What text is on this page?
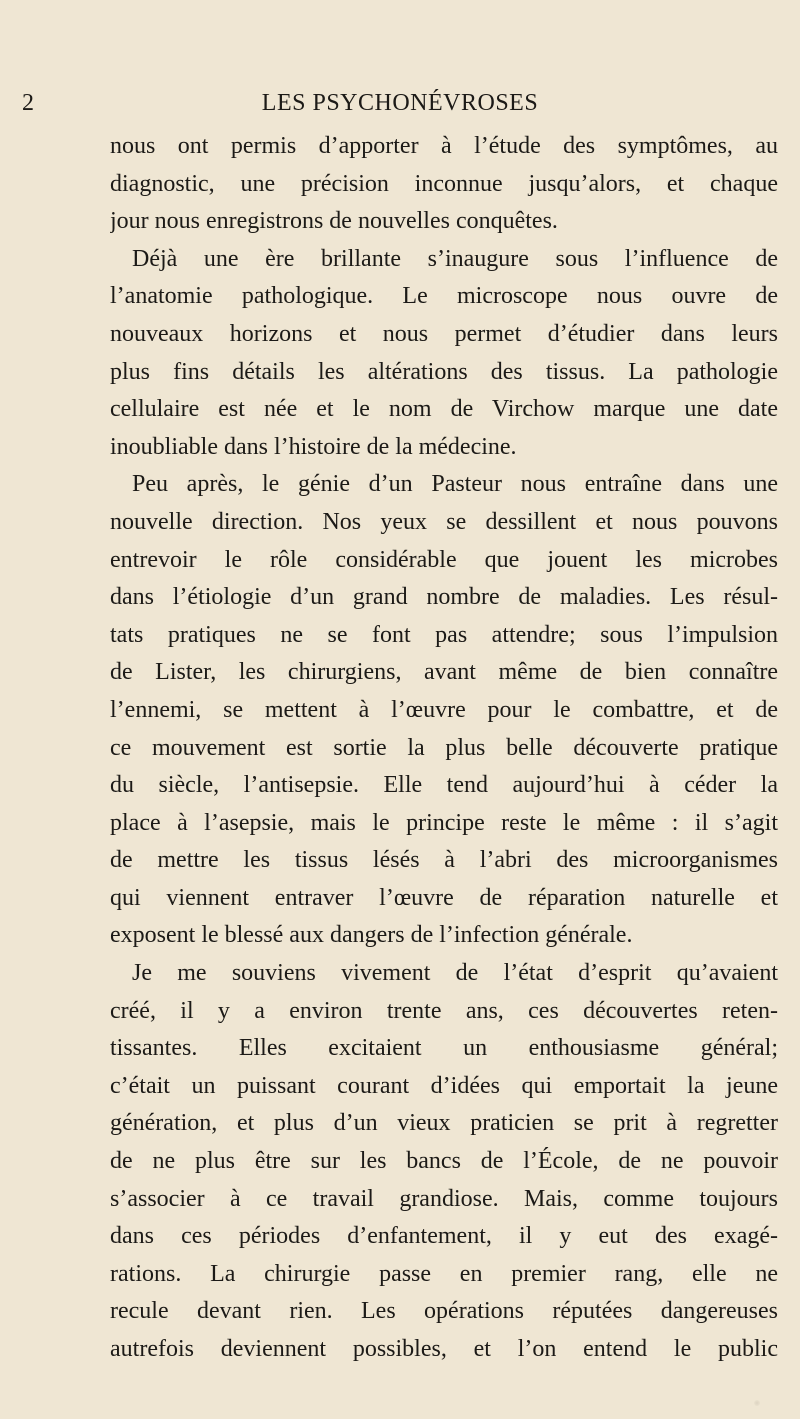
2	LES PSYCHONÉVROSES
nous ont permis d’apporter à l’étude des symptômes, au
diagnostic, une précision inconnue jusqu’alors, et chaque
jour nous enregistrons de nouvelles conquêtes.
Déjà une ère brillante s’inaugure sous l’influence de
l’anatomie pathologique. Le microscope nous ouvre de
nouveaux horizons et nous permet d’étudier dans leurs
plus fins détails les altérations des tissus. La pathologie
cellulaire est née et le nom de Virchow marque une date
inoubliable dans l’histoire de la médecine.
Peu après, le génie d’un Pasteur nous entraîne dans une
nouvelle direction. Nos yeux se dessillent et nous pouvons
entrevoir le rôle considérable que jouent les microbes
dans l’étiologie d’un grand nombre de maladies. Les résul-
tats pratiques ne se font pas attendre; sous l’impulsion
de Lister, les chirurgiens, avant même de bien connaître
l’ennemi, se mettent à l’œuvre pour le combattre, et de
ce mouvement est sortie la plus belle découverte pratique
du siècle, l’antisepsie. Elle tend aujourd’hui à céder la
place à l’asepsie, mais le principe reste le même : il s’agit
de mettre les tissus lésés à l’abri des microorganismes
qui viennent entraver l’œuvre de réparation naturelle et
exposent le blessé aux dangers de l’infection générale.
Je me souviens vivement de l’état d’esprit qu’avaient
créé, il y a environ trente ans, ces découvertes reten-
tissantes. Elles excitaient un enthousiasme général;
c’était un puissant courant d’idées qui emportait la jeune
génération, et plus d’un vieux praticien se prit à regretter
de ne plus être sur les bancs de l’École, de ne pouvoir
s’associer à ce travail grandiose. Mais, comme toujours
dans ces périodes d’enfantement, il y eut des exagé-
rations. La chirurgie passe en premier rang, elle ne
recule devant rien. Les opérations réputées dangereuses
autrefois deviennent possibles, et l’on entend le public
